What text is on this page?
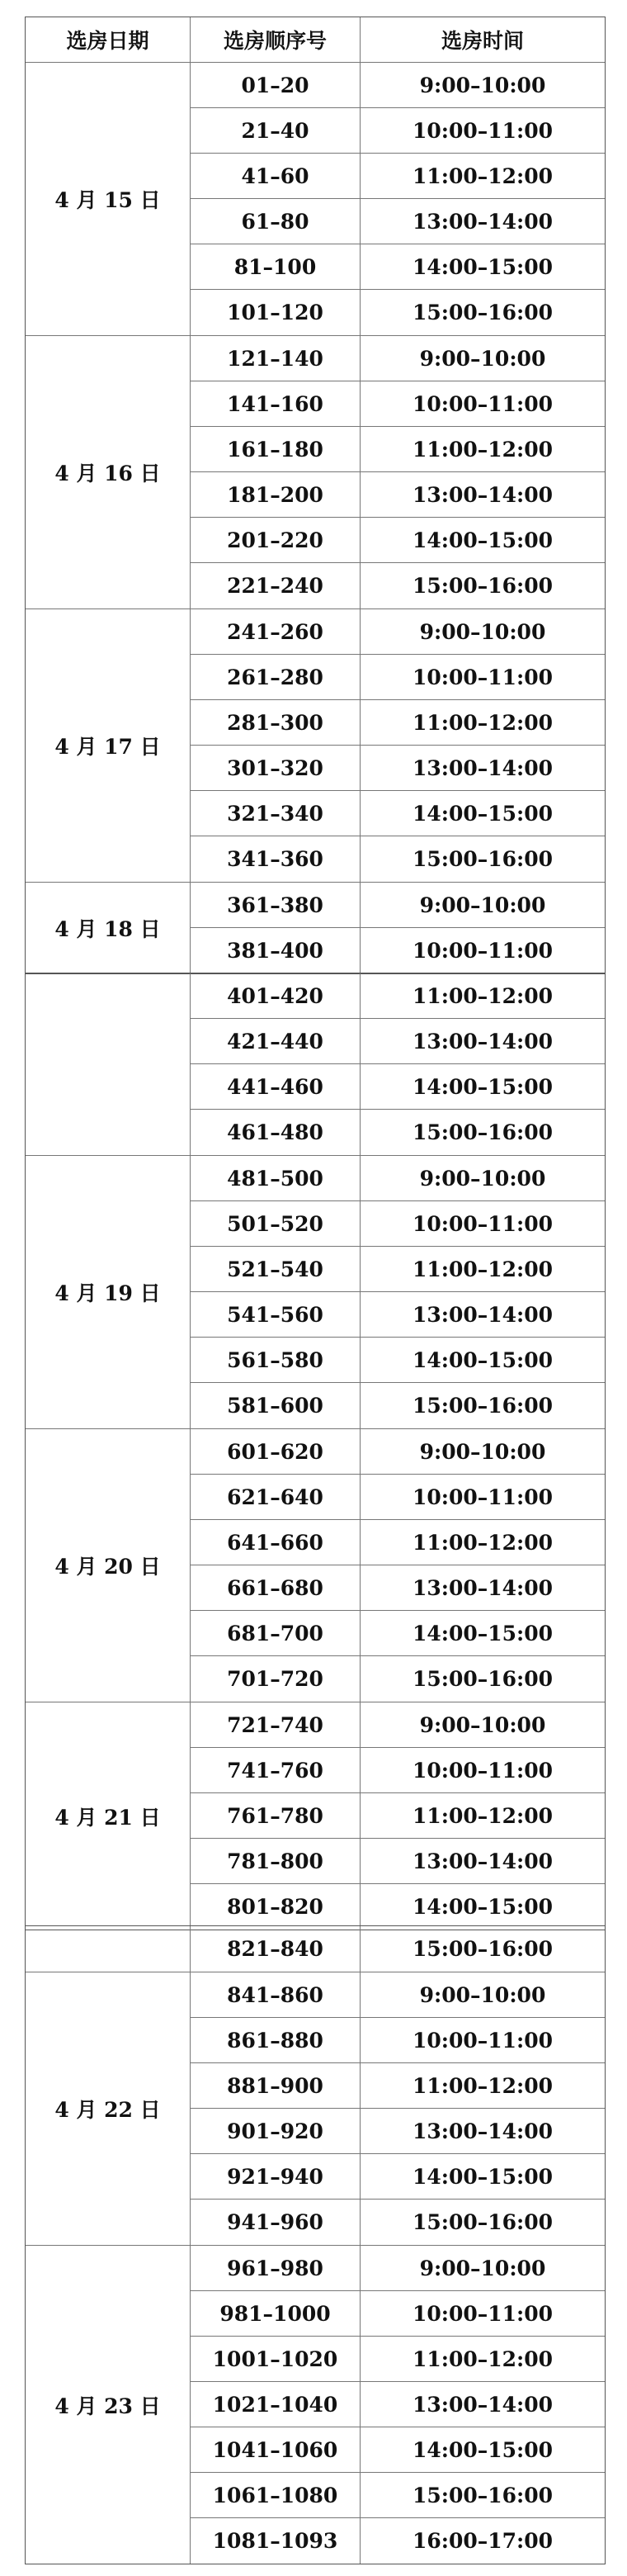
选房日期	选房顺序号	选房时间
4 月 15 日
01–20	9:00–10:00
21–40	10:00–11:00
41–60	11:00–12:00
61–80	13:00–14:00
81–100	14:00–15:00
101–120	15:00–16:00
4 月 16 日
121–140	9:00–10:00
141–160	10:00–11:00
161–180	11:00–12:00
181–200	13:00–14:00
201–220	14:00–15:00
221–240	15:00–16:00
4 月 17 日
241–260	9:00–10:00
261–280	10:00–11:00
281–300	11:00–12:00
301–320	13:00–14:00
321–340	14:00–15:00
341–360	15:00–16:00
4 月 18 日
361–380	9:00–10:00
381–400	10:00–11:00
401–420	11:00–12:00
421–440	13:00–14:00
441–460	14:00–15:00
461–480	15:00–16:00
4 月 19 日
481–500	9:00–10:00
501–520	10:00–11:00
521–540	11:00–12:00
541–560	13:00–14:00
561–580	14:00–15:00
581–600	15:00–16:00
4 月 20 日
601–620	9:00–10:00
621–640	10:00–11:00
641–660	11:00–12:00
661–680	13:00–14:00
681–700	14:00–15:00
701–720	15:00–16:00
4 月 21 日
721–740	9:00–10:00
741–760	10:00–11:00
761–780	11:00–12:00
781–800	13:00–14:00
801–820	14:00–15:00
821–840	15:00–16:00
4 月 22 日
841–860	9:00–10:00
861–880	10:00–11:00
881–900	11:00–12:00
901–920	13:00–14:00
921–940	14:00–15:00
941–960	15:00–16:00
4 月 23 日
961–980	9:00–10:00
981–1000	10:00–11:00
1001–1020	11:00–12:00
1021–1040	13:00–14:00
1041–1060	14:00–15:00
1061–1080	15:00–16:00
1081–1093	16:00–17:00
